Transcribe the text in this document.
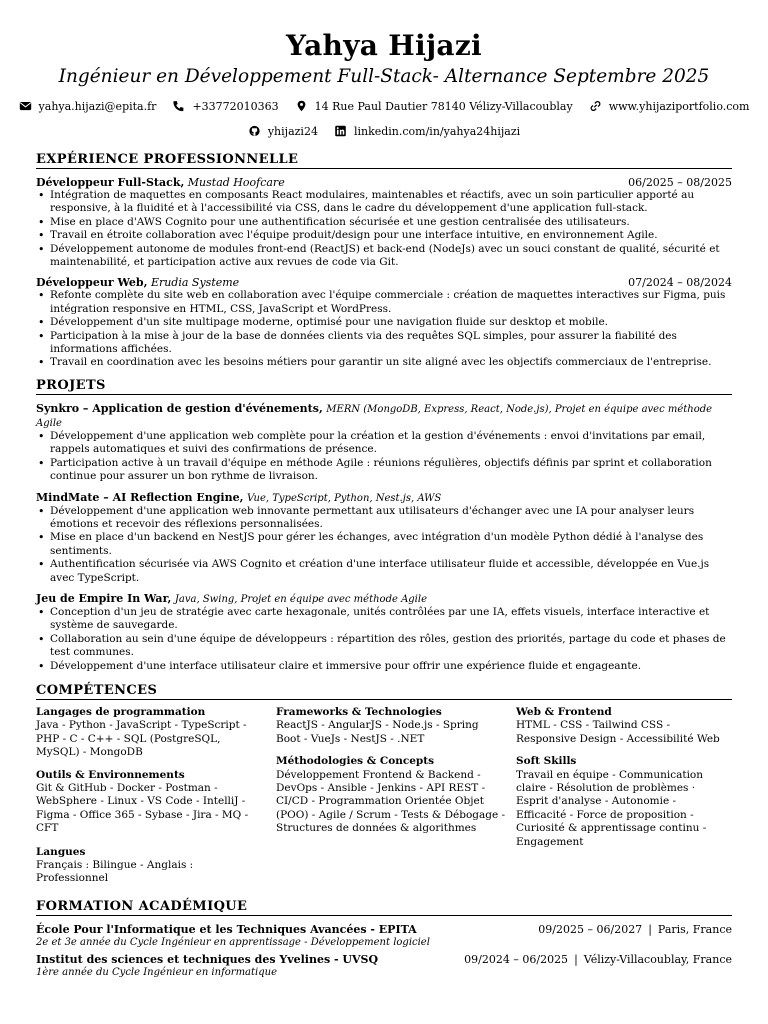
Yahya Hijazi
Ingénieur en Développement Full-Stack- Alternance Septembre 2025
yahya.hijazi@epita.fr	+33772010363	14 Rue Paul Dautier 78140 Vélizy-Villacoublay	www.yhijaziportfolio.com
yhijazi24	linkedin.com/in/yahya24hijazi
EXPÉRIENCE PROFESSIONNELLE
Développeur Full-Stack, Mustad Hoofcare	06/2025 – 08/2025
• Intégration de maquettes en composants React modulaires, maintenables et réactifs, avec un soin particulier apporté au responsive, à la fluidité et à l'accessibilité via CSS, dans le cadre du développement d'une application full-stack.
• Mise en place d'AWS Cognito pour une authentification sécurisée et une gestion centralisée des utilisateurs.
• Travail en étroite collaboration avec l'équipe produit/design pour une interface intuitive, en environnement Agile.
• Développement autonome de modules front-end (ReactJS) et back-end (NodeJs) avec un souci constant de qualité, sécurité et maintenabilité, et participation active aux revues de code via Git.
Développeur Web, Erudia Systeme	07/2024 – 08/2024
• Refonte complète du site web en collaboration avec l'équipe commerciale : création de maquettes interactives sur Figma, puis intégration responsive en HTML, CSS, JavaScript et WordPress.
• Développement d'un site multipage moderne, optimisé pour une navigation fluide sur desktop et mobile.
• Participation à la mise à jour de la base de données clients via des requêtes SQL simples, pour assurer la fiabilité des informations affichées.
• Travail en coordination avec les besoins métiers pour garantir un site aligné avec les objectifs commerciaux de l'entreprise.
PROJETS
Synkro – Application de gestion d'événements, MERN (MongoDB, Express, React, Node.js), Projet en équipe avec méthode Agile
• Développement d'une application web complète pour la création et la gestion d'événements : envoi d'invitations par email, rappels automatiques et suivi des confirmations de présence.
• Participation active à un travail d'équipe en méthode Agile : réunions régulières, objectifs définis par sprint et collaboration continue pour assurer un bon rythme de livraison.
MindMate – AI Reflection Engine, Vue, TypeScript, Python, Nest.js, AWS
• Développement d'une application web innovante permettant aux utilisateurs d'échanger avec une IA pour analyser leurs émotions et recevoir des réflexions personnalisées.
• Mise en place d'un backend en NestJS pour gérer les échanges, avec intégration d'un modèle Python dédié à l'analyse des sentiments.
• Authentification sécurisée via AWS Cognito et création d'une interface utilisateur fluide et accessible, développée en Vue.js avec TypeScript.
Jeu de Empire In War, Java, Swing, Projet en équipe avec méthode Agile
• Conception d'un jeu de stratégie avec carte hexagonale, unités contrôlées par une IA, effets visuels, interface interactive et système de sauvegarde.
• Collaboration au sein d'une équipe de développeurs : répartition des rôles, gestion des priorités, partage du code et phases de test communes.
• Développement d'une interface utilisateur claire et immersive pour offrir une expérience fluide et engageante.
COMPÉTENCES
Langages de programmation
Java - Python - JavaScript - TypeScript - PHP - C - C++ - SQL (PostgreSQL, MySQL) - MongoDB
Outils & Environnements
Git & GitHub - Docker - Postman - WebSphere - Linux - VS Code - IntelliJ - Figma - Office 365 - Sybase - Jira - MQ - CFT
Langues
Français : Bilingue - Anglais : Professionnel
Frameworks & Technologies
ReactJS - AngularJS - Node.js - Spring Boot - VueJs - NestJS - .NET
Méthodologies & Concepts
Développement Frontend & Backend - DevOps - Ansible - Jenkins - API REST - CI/CD - Programmation Orientée Objet (POO) - Agile / Scrum - Tests & Débogage - Structures de données & algorithmes
Web & Frontend
HTML - CSS - Tailwind CSS - Responsive Design - Accessibilité Web
Soft Skills
Travail en équipe - Communication claire - Résolution de problèmes · Esprit d'analyse - Autonomie - Efficacité - Force de proposition - Curiosité & apprentissage continu - Engagement
FORMATION ACADÉMIQUE
École Pour l'Informatique et les Techniques Avancées - EPITA	09/2025 – 06/2027 | Paris, France
2e et 3e année du Cycle Ingénieur en apprentissage - Développement logiciel
Institut des sciences et techniques des Yvelines - UVSQ	09/2024 – 06/2025 | Vélizy-Villacoublay, France
1ère année du Cycle Ingénieur en informatique
